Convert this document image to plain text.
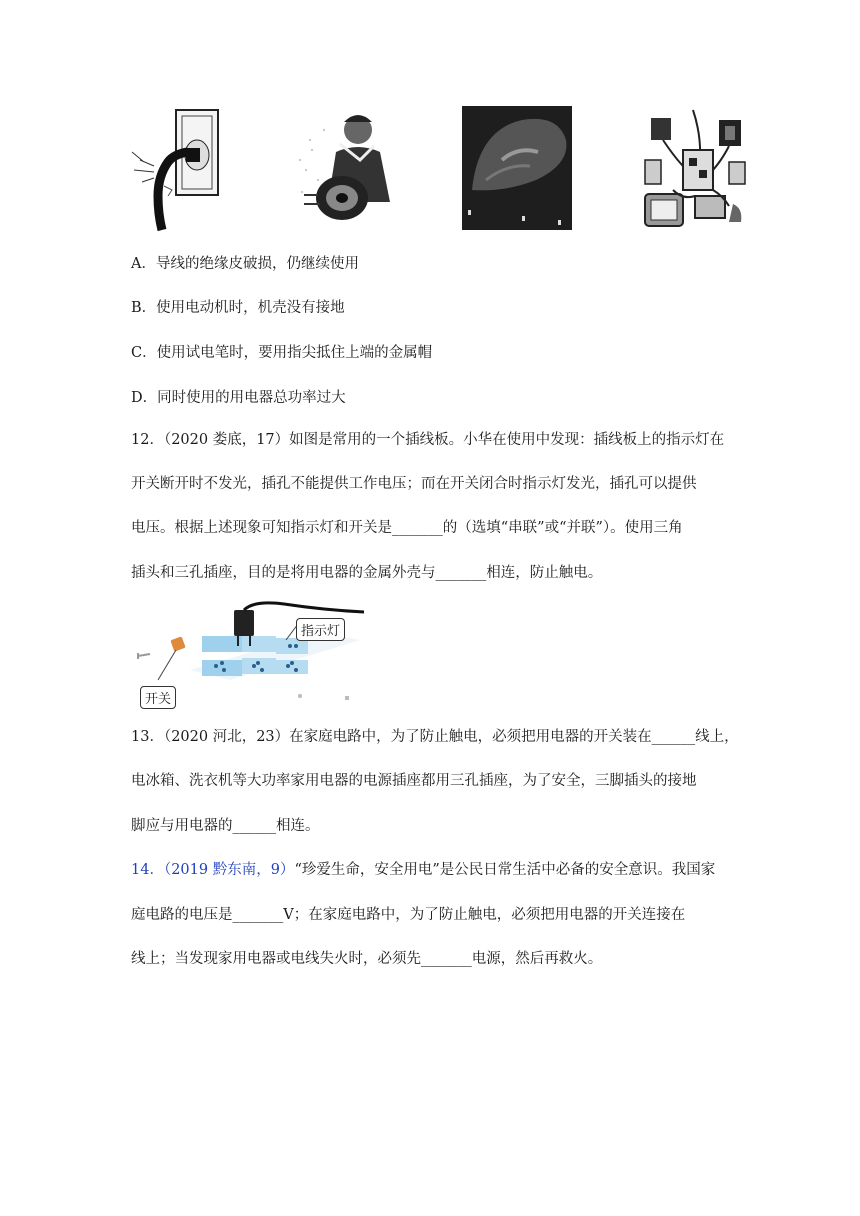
A．导线的绝缘皮破损，仍继续使用
B．使用电动机时，机壳没有接地
C．使用试电笔时，要用指尖抵住上端的金属帽
D．同时使用的用电器总功率过大
12．（2020 娄底，17）如图是常用的一个插线板。小华在使用中发现：插线板上的指示灯在
开关断开时不发光，插孔不能提供工作电压；而在开关闭合时指示灯发光，插孔可以提供
电压。根据上述现象可知指示灯和开关是_______的（选填“串联”或“并联”）。使用三角
插头和三孔插座，目的是将用电器的金属外壳与_______相连，防止触电。
指示灯
开关
13．（2020 河北，23）在家庭电路中，为了防止触电，必须把用电器的开关装在______线上，
电冰箱、洗衣机等大功率家用电器的电源插座都用三孔插座，为了安全，三脚插头的接地
脚应与用电器的______相连。
14．（2019 黔东南，9）“珍爱生命，安全用电”是公民日常生活中必备的安全意识。我国家
庭电路的电压是_______V；在家庭电路中，为了防止触电，必须把用电器的开关连接在
线上；当发现家用电器或电线失火时，必须先_______电源，然后再救火。
